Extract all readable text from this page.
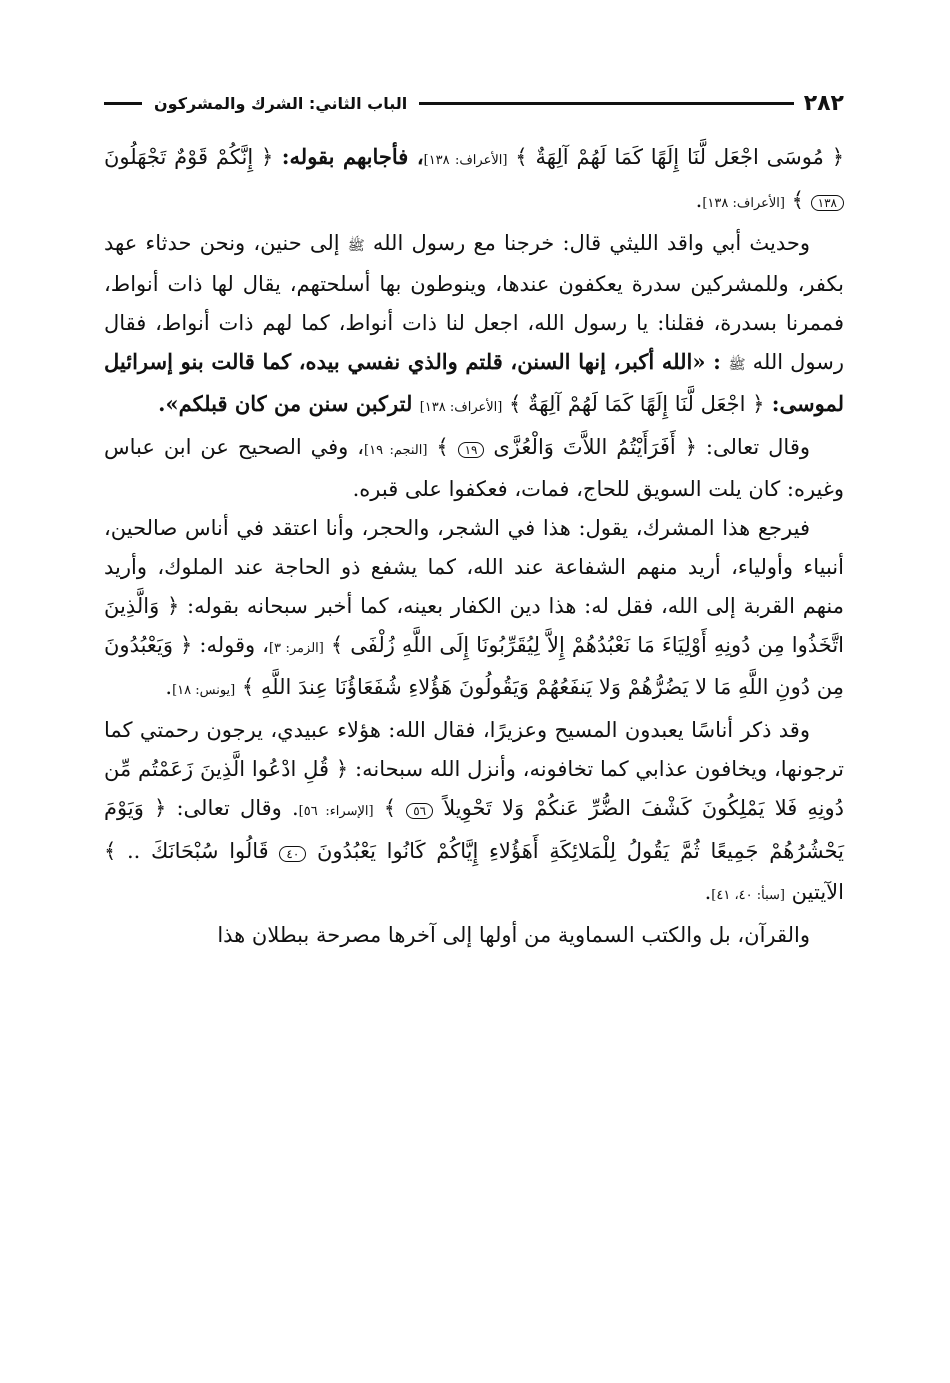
٢٨٢
الباب الثاني: الشرك والمشركون

﴿ مُوسَى اجْعَل لَّنَا إِلَهًا كَمَا لَهُمْ آلِهَةٌ ﴾ [الأعراف: ١٣٨]، فأجابهم بقوله: ﴿ إِنَّكُمْ قَوْمٌ تَجْهَلُونَ ١٣٨ ﴾ [الأعراف: ١٣٨].

وحديث أبي واقد الليثي قال: خرجنا مع رسول الله ﷺ إلى حنين، ونحن حدثاء عهد بكفر، وللمشركين سدرة يعكفون عندها، وينوطون بها أسلحتهم، يقال لها ذات أنواط، فممرنا بسدرة، فقلنا: يا رسول الله، اجعل لنا ذات أنواط، كما لهم ذات أنواط، فقال رسول الله ﷺ : «الله أكبر، إنها السنن، قلتم والذي نفسي بيده، كما قالت بنو إسرائيل لموسى: ﴿ اجْعَل لَّنَا إِلَهًا كَمَا لَهُمْ آلِهَةٌ ﴾ [الأعراف: ١٣٨] لتركبن سنن من كان قبلكم».

وقال تعالى: ﴿ أَفَرَأَيْتُمُ اللاَّتَ وَالْعُزَّى ١٩ ﴾ [النجم: ١٩]، وفي الصحيح عن ابن عباس وغيره: كان يلت السويق للحاج، فمات، فعكفوا على قبره.

فيرجع هذا المشرك، يقول: هذا في الشجر، والحجر، وأنا اعتقد في أناس صالحين، أنبياء وأولياء، أريد منهم الشفاعة عند الله، كما يشفع ذو الحاجة عند الملوك، وأريد منهم القربة إلى الله، فقل له: هذا دين الكفار بعينه، كما أخبر سبحانه بقوله: ﴿ وَالَّذِينَ اتَّخَذُوا مِن دُونِهِ أَوْلِيَاءَ مَا نَعْبُدُهُمْ إِلاَّ لِيُقَرِّبُونَا إِلَى اللَّهِ زُلْفَى ﴾ [الزمر: ٣]، وقوله: ﴿ وَيَعْبُدُونَ مِن دُونِ اللَّهِ مَا لا يَضُرُّهُمْ وَلا يَنفَعُهُمْ وَيَقُولُونَ هَؤُلاءِ شُفَعَاؤُنَا عِندَ اللَّهِ ﴾ [يونس: ١٨].

وقد ذكر أناسًا يعبدون المسيح وعزيرًا، فقال الله: هؤلاء عبيدي، يرجون رحمتي كما ترجونها، ويخافون عذابي كما تخافونه، وأنزل الله سبحانه: ﴿ قُلِ ادْعُوا الَّذِينَ زَعَمْتُم مِّن دُونِهِ فَلا يَمْلِكُونَ كَشْفَ الضُّرِّ عَنكُمْ وَلا تَحْوِيلاً ٥٦ ﴾ [الإسراء: ٥٦]. وقال تعالى: ﴿ وَيَوْمَ يَحْشُرُهُمْ جَمِيعًا ثُمَّ يَقُولُ لِلْمَلائِكَةِ أَهَؤُلاءِ إِيَّاكُمْ كَانُوا يَعْبُدُونَ ٤٠ قَالُوا سُبْحَانَكَ .. ﴾ الآيتين [سبأ: ٤٠، ٤١].

والقرآن، بل والكتب السماوية من أولها إلى آخرها مصرحة ببطلان هذا
